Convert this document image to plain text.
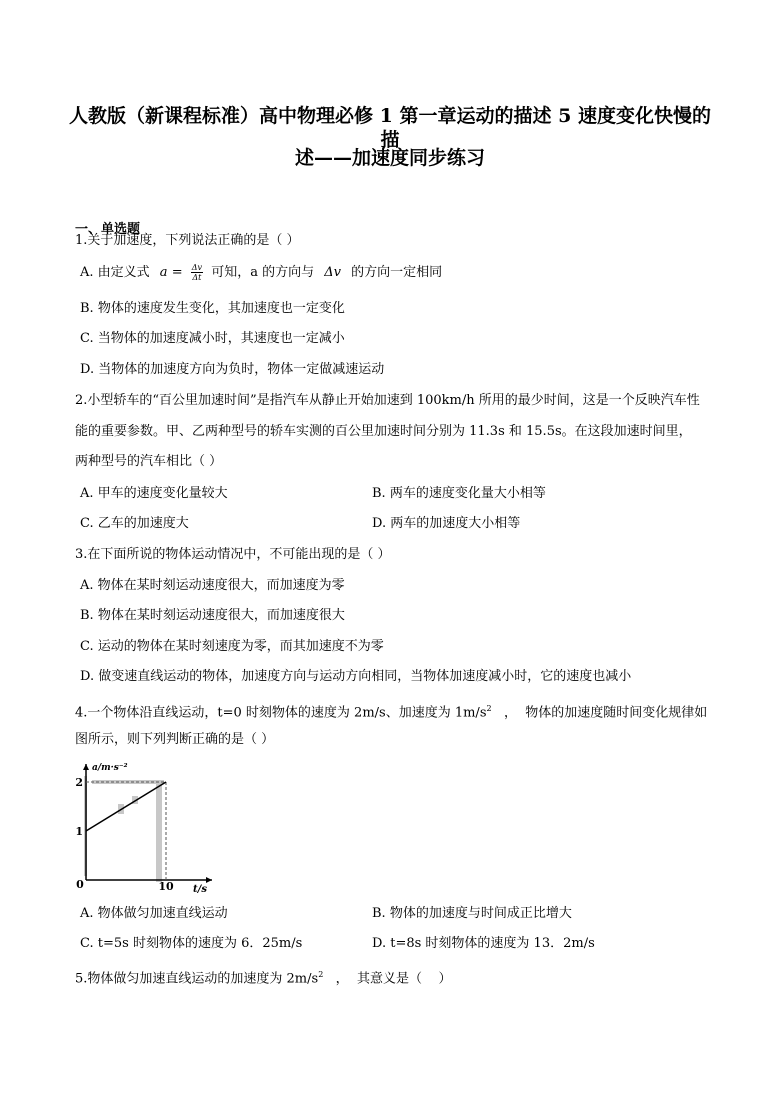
人教版（新课程标准）高中物理必修 1 第一章运动的描述 5 速度变化快慢的描
述——加速度同步练习
一、单选题
1.关于加速度，下列说法正确的是（ ）
A. 由定义式 $a = \frac{\Delta v}{\Delta t}$ 可知，a 的方向与 Δv 的方向一定相同
B. 物体的速度发生变化，其加速度也一定变化
C. 当物体的加速度减小时，其速度也一定减小
D. 当物体的加速度方向为负时，物体一定做减速运动
2.小型轿车的“百公里加速时间”是指汽车从静止开始加速到 100km/h 所用的最少时间，这是一个反映汽车性
能的重要参数。甲、乙两种型号的轿车实测的百公里加速时间分别为 11.3s 和 15.5s。在这段加速时间里，
两种型号的汽车相比（ ）
A. 甲车的速度变化量较大	B. 两车的速度变化量大小相等
C. 乙车的加速度大	D. 两车的加速度大小相等
3.在下面所说的物体运动情况中，不可能出现的是（ ）
A. 物体在某时刻运动速度很大，而加速度为零
B. 物体在某时刻运动速度很大，而加速度很大
C. 运动的物体在某时刻速度为零，而其加速度不为零
D. 做变速直线运动的物体，加速度方向与运动方向相同，当物体加速度减小时，它的速度也减小
4.一个物体沿直线运动，t=0 时刻物体的速度为 2m/s、加速度为 $1m/s^2$   ，  物体的加速度随时间变化规律如
图所示，则下列判断正确的是（ ）
0	10
1
2
t/s
a/m·s⁻²
A. 物体做匀加速直线运动	B. 物体的加速度与时间成正比增大
C. t=5s 时刻物体的速度为 6．25m/s	D. t=8s 时刻物体的速度为 13．2m/s
5.物体做匀加速直线运动的加速度为 $2m/s^2$   ，  其意义是（    ）
